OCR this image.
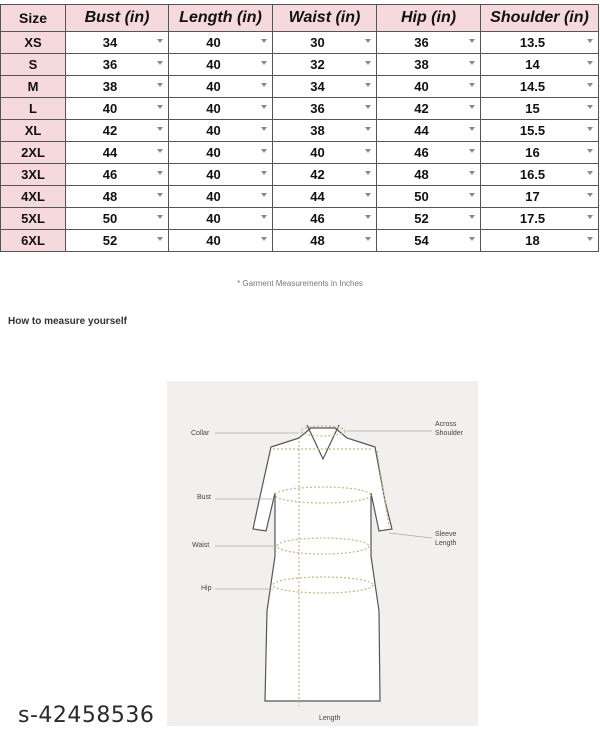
Size	Bust (in)	Length (in)	Waist (in)	Hip (in)	Shoulder (in)
XS	34	40	30	36	13.5

S	36	40	32	38	14

M	38	40	34	40	14.5

L	40	40	36	42	15

XL	42	40	38	44	15.5

2XL	44	40	40	46	16

3XL	46	40	42	48	16.5

4XL	48	40	44	50	17

5XL	50	40	46	52	17.5

6XL	52	40	48	54	18
* Garment Measurements in Inches
How to measure yourself
Collar
Across
Shoulder
Bust
Waist
Hip
Sleeve
Length
Length
s-42458536
